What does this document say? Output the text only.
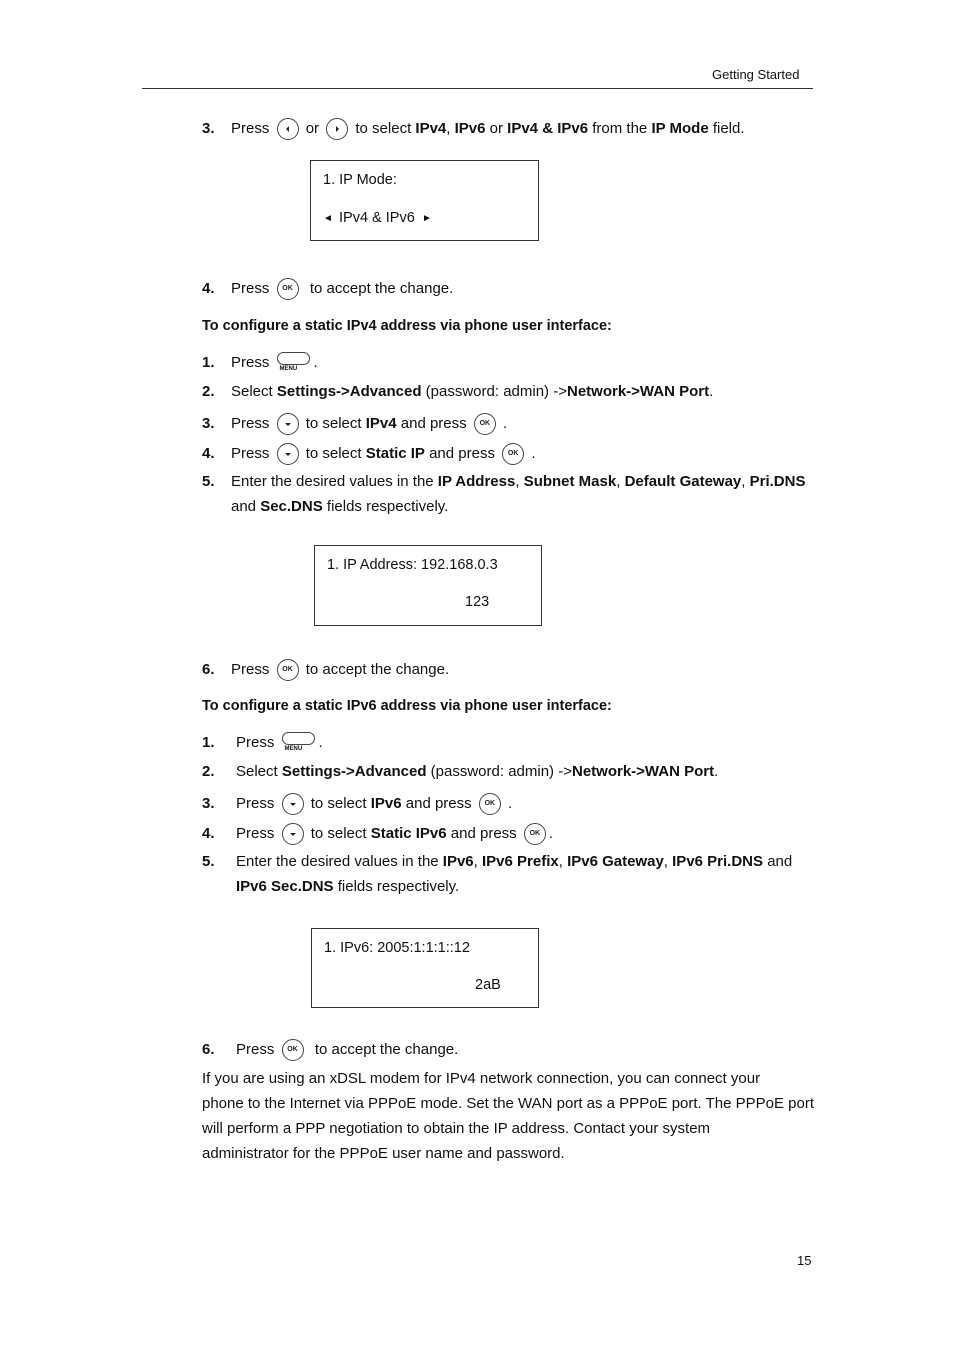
Getting Started
3. Press or to select IPv4, IPv6 or IPv4 & IPv6 from the IP Mode field.
1. IP Mode:
◄ IPv4 & IPv6 ►
4. Press OK to accept the change.
To configure a static IPv4 address via phone user interface:
1. Press MENU .
2. Select Settings->Advanced (password: admin) ->Network->WAN Port.
3. Press to select IPv4 and press OK .
4. Press to select Static IP and press OK .
5. Enter the desired values in the IP Address, Subnet Mask, Default Gateway, Pri.DNS
and Sec.DNS fields respectively.
1. IP Address: 192.168.0.3
123
6. Press OK to accept the change.
To configure a static IPv6 address via phone user interface:
1. Press MENU .
2. Select Settings->Advanced (password: admin) ->Network->WAN Port.
3. Press to select IPv6 and press OK .
4. Press to select Static IPv6 and press OK .
5. Enter the desired values in the IPv6, IPv6 Prefix, IPv6 Gateway, IPv6 Pri.DNS and
IPv6 Sec.DNS fields respectively.
1. IPv6: 2005:1:1:1::12
2aB
6. Press OK to accept the change.
If you are using an xDSL modem for IPv4 network connection, you can connect your
phone to the Internet via PPPoE mode. Set the WAN port as a PPPoE port. The PPPoE port
will perform a PPP negotiation to obtain the IP address. Contact your system
administrator for the PPPoE user name and password.
15
